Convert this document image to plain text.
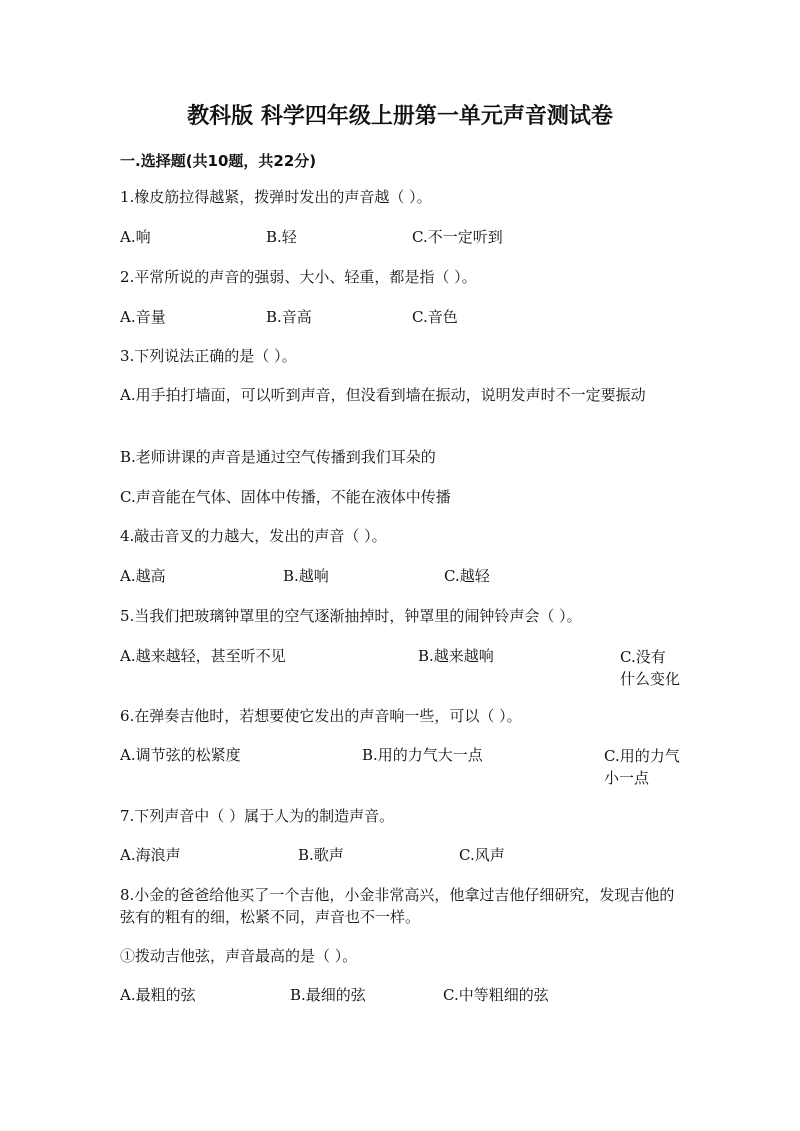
教科版 科学四年级上册第一单元声音测试卷
一.选择题(共10题，共22分)
1.橡皮筋拉得越紧，拨弹时发出的声音越（ ）。
A.响	B.轻	C.不一定听到
2.平常所说的声音的强弱、大小、轻重，都是指（ ）。
A.音量	B.音高	C.音色
3.下列说法正确的是（ ）。
A.用手拍打墙面，可以听到声音，但没看到墙在振动，说明发声时不一定要振动
B.老师讲课的声音是通过空气传播到我们耳朵的
C.声音能在气体、固体中传播，不能在液体中传播
4.敲击音叉的力越大，发出的声音（ ）。
A.越高	B.越响	C.越轻
5.当我们把玻璃钟罩里的空气逐渐抽掉时，钟罩里的闹钟铃声会（ ）。
A.越来越轻，甚至听不见	B.越来越响	C.没有什么变化
6.在弹奏吉他时，若想要使它发出的声音响一些，可以（ ）。
A.调节弦的松紧度	B.用的力气大一点	C.用的力气小一点
7.下列声音中（ ）属于人为的制造声音。
A.海浪声	B.歌声	C.风声
8.小金的爸爸给他买了一个吉他，小金非常高兴，他拿过吉他仔细研究，发现吉他的弦有的粗有的细，松紧不同，声音也不一样。
①拨动吉他弦，声音最高的是（ ）。
A.最粗的弦	B.最细的弦	C.中等粗细的弦
